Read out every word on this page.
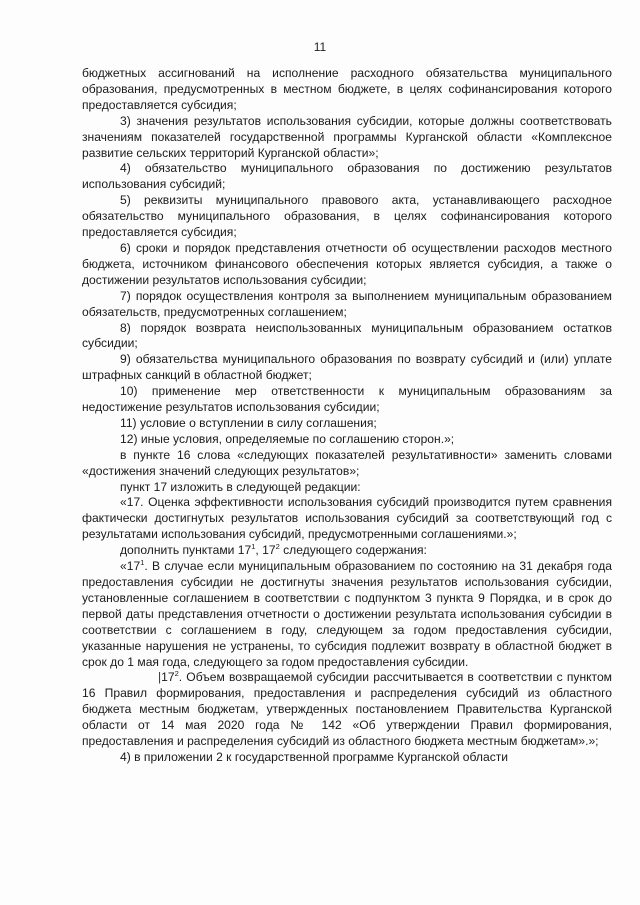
11

бюджетных ассигнований на исполнение расходного обязательства муниципального образования, предусмотренных в местном бюджете, в целях софинансирования которого предоставляется субсидия;

3) значения результатов использования субсидии, которые должны соответствовать значениям показателей государственной программы Курганской области «Комплексное развитие сельских территорий Курганской области»;

4) обязательство муниципального образования по достижению результатов использования субсидий;

5) реквизиты муниципального правового акта, устанавливающего расходное обязательство муниципального образования, в целях софинансирования которого предоставляется субсидия;

6) сроки и порядок представления отчетности об осуществлении расходов местного бюджета, источником финансового обеспечения которых является субсидия, а также о достижении результатов использования субсидии;

7) порядок осуществления контроля за выполнением муниципальным образованием обязательств, предусмотренных соглашением;

8) порядок возврата неиспользованных муниципальным образованием остатков субсидии;

9) обязательства муниципального образования по возврату субсидий и (или) уплате штрафных санкций в областной бюджет;

10) применение мер ответственности к муниципальным образованиям за недостижение результатов использования субсидии;

11) условие о вступлении в силу соглашения;

12) иные условия, определяемые по соглашению сторон.»;

в пункте 16 слова «следующих показателей результативности» заменить словами «достижения значений следующих результатов»;

пункт 17 изложить в следующей редакции:

«17. Оценка эффективности использования субсидий производится путем сравнения фактически достигнутых результатов использования субсидий за соответствующий год с результатами использования субсидий, предусмотренными соглашениями.»;

дополнить пунктами $17^1$, $17^2$ следующего содержания:

«$17^1$. В случае если муниципальным образованием по состоянию на 31 декабря года предоставления субсидии не достигнуты значения результатов использования субсидии, установленные соглашением в соответствии с подпунктом 3 пункта 9 Порядка, и в срок до первой даты представления отчетности о достижении результата использования субсидии в соответствии с соглашением в году, следующем за годом предоставления субсидии, указанные нарушения не устранены, то субсидия подлежит возврату в областной бюджет в срок до 1 мая года, следующего за годом предоставления субсидии.

$|17^2$. Объем возвращаемой субсидии рассчитывается в соответствии с пунктом 16 Правил формирования, предоставления и распределения субсидий из областного бюджета местным бюджетам, утвержденных постановлением Правительства Курганской области от 14 мая 2020 года № 142 «Об утверждении Правил формирования, предоставления и распределения субсидий из областного бюджета местным бюджетам».»;

4) в приложении 2 к государственной программе Курганской области
